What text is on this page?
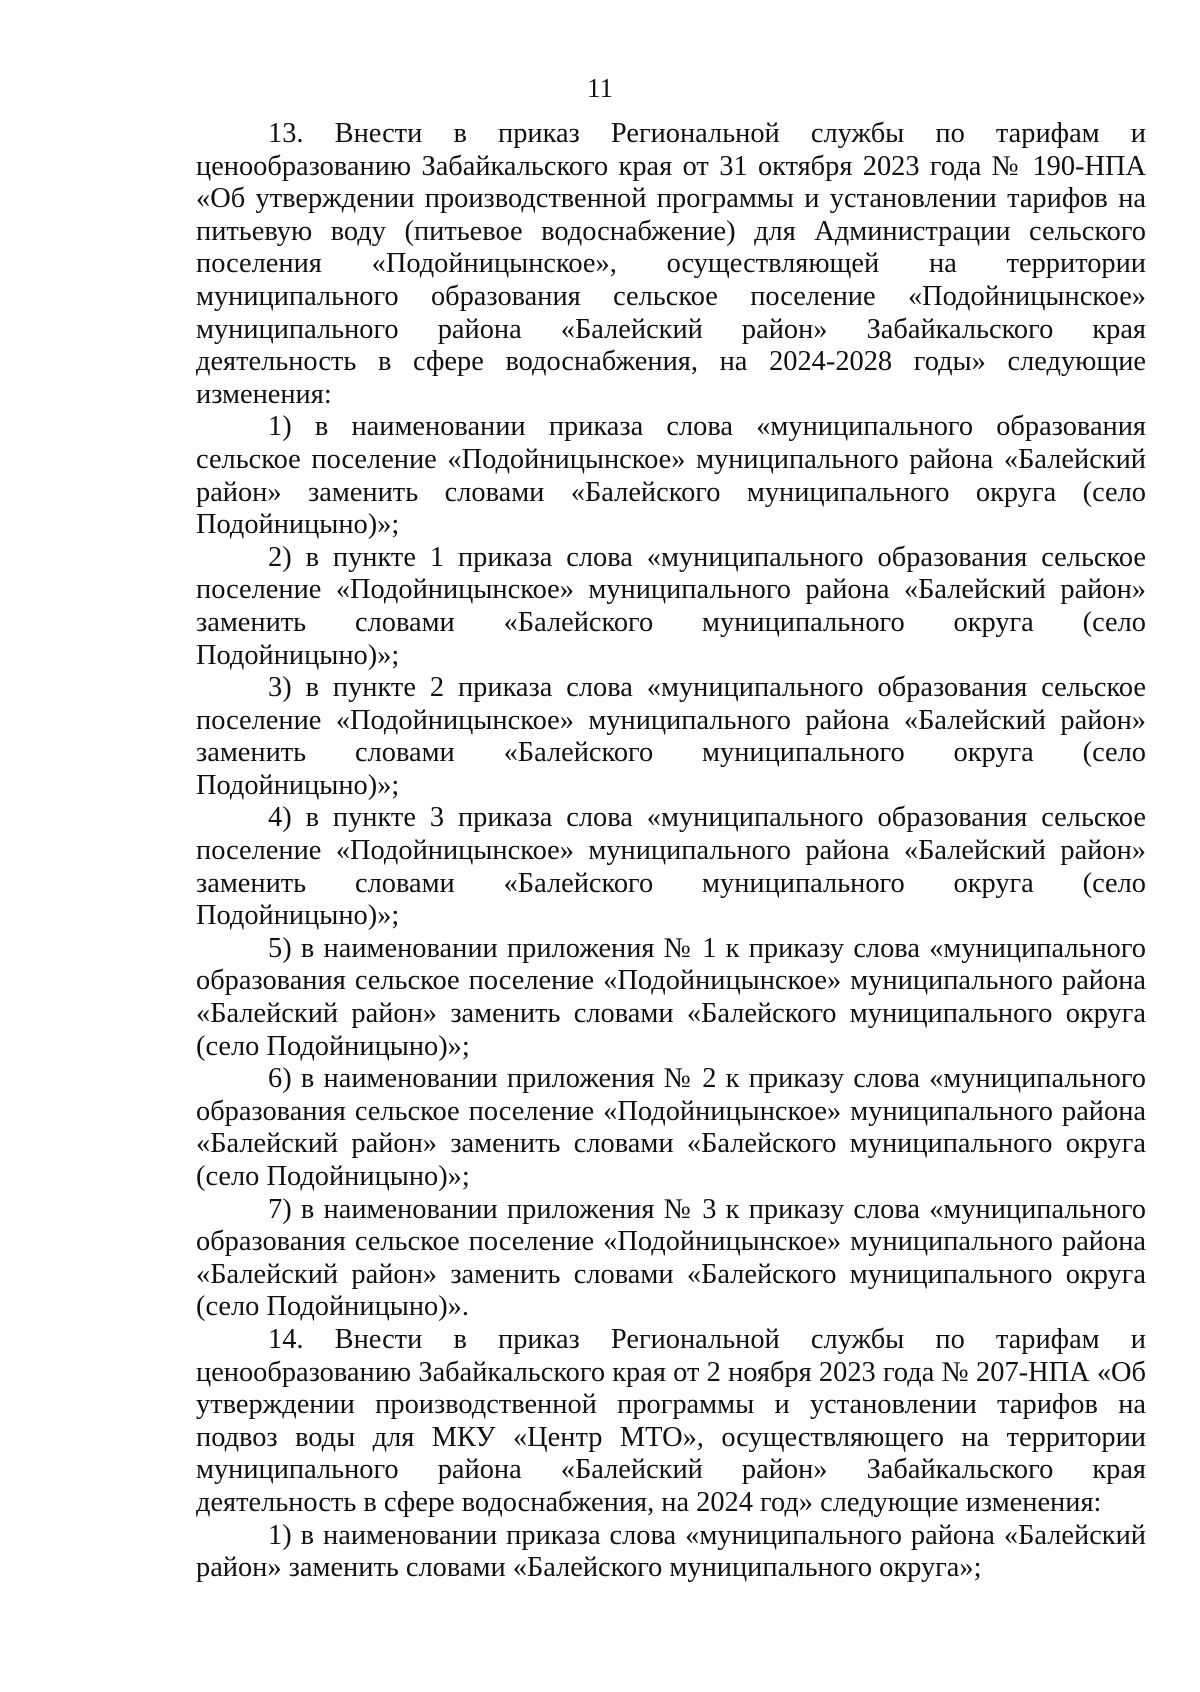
11

13. Внести в приказ Региональной службы по тарифам и ценообразованию Забайкальского края от 31 октября 2023 года № 190-НПА «Об утверждении производственной программы и установлении тарифов на питьевую воду (питьевое водоснабжение) для Администрации сельского поселения «Подойницынское», осуществляющей на территории муниципального образования сельское поселение «Подойницынское» муниципального района «Балейский район» Забайкальского края деятельность в сфере водоснабжения, на 2024-2028 годы» следующие изменения:

1) в наименовании приказа слова «муниципального образования сельское поселение «Подойницынское» муниципального района «Балейский район» заменить словами «Балейского муниципального округа (село Подойницыно)»;

2) в пункте 1 приказа слова «муниципального образования сельское поселение «Подойницынское» муниципального района «Балейский район» заменить словами «Балейского муниципального округа (село Подойницыно)»;

3) в пункте 2 приказа слова «муниципального образования сельское поселение «Подойницынское» муниципального района «Балейский район» заменить словами «Балейского муниципального округа (село Подойницыно)»;

4) в пункте 3 приказа слова «муниципального образования сельское поселение «Подойницынское» муниципального района «Балейский район» заменить словами «Балейского муниципального округа (село Подойницыно)»;

5) в наименовании приложения № 1 к приказу слова «муниципального образования сельское поселение «Подойницынское» муниципального района «Балейский район» заменить словами «Балейского муниципального округа (село Подойницыно)»;

6) в наименовании приложения № 2 к приказу слова «муниципального образования сельское поселение «Подойницынское» муниципального района «Балейский район» заменить словами «Балейского муниципального округа (село Подойницыно)»;

7) в наименовании приложения № 3 к приказу слова «муниципального образования сельское поселение «Подойницынское» муниципального района «Балейский район» заменить словами «Балейского муниципального округа (село Подойницыно)».

14. Внести в приказ Региональной службы по тарифам и ценообразованию Забайкальского края от 2 ноября 2023 года № 207-НПА «Об утверждении производственной программы и установлении тарифов на подвоз воды для МКУ «Центр МТО», осуществляющего на территории муниципального района «Балейский район» Забайкальского края деятельность в сфере водоснабжения, на 2024 год» следующие изменения:

1) в наименовании приказа слова «муниципального района «Балейский район» заменить словами «Балейского муниципального округа»;
